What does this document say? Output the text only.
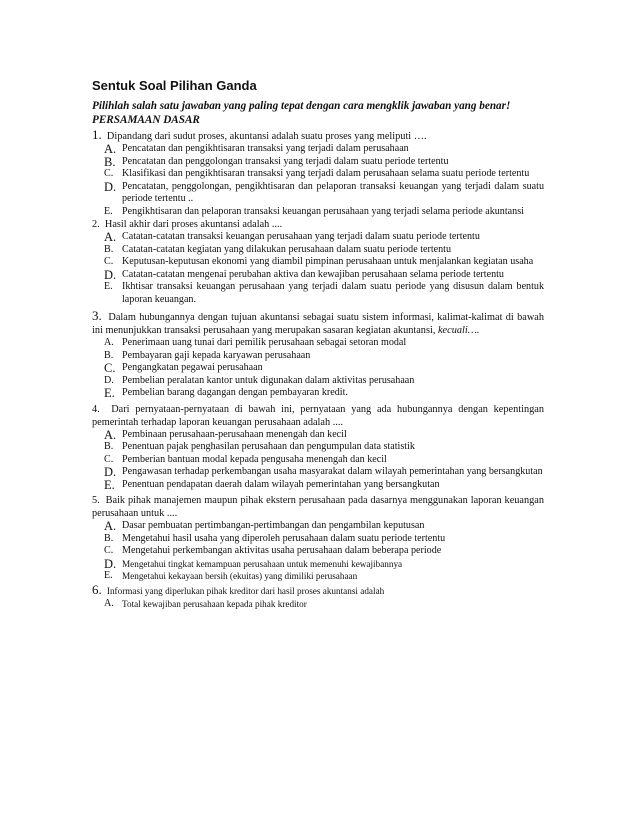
Sentuk Soal Pilihan Ganda

Pilihlah salah satu jawaban yang paling tepat dengan cara mengklik jawaban yang benar!

PERSAMAAN DASAR

1. Dipandang dari sudut proses, akuntansi adalah suatu proses yang meliputi ….

A. Pencatatan dan pengikhtisaran transaksi yang terjadi dalam perusahaan
B. Pencatatan dan penggolongan transaksi yang terjadi dalam suatu periode tertentu
C. Klasifikasi dan pengikhtisaran transaksi yang terjadi dalam perusahaan selama suatu periode tertentu
D. Pencatatan, penggolongan, pengikhtisaran dan pelaporan transaksi keuangan yang terjadi dalam suatu periode tertentu ..
E. Pengikhtisaran dan pelaporan transaksi keuangan perusahaan yang terjadi selama periode akuntansi

2. Hasil akhir dari proses akuntansi adalah ....

A. Catatan-catatan transaksi keuangan perusahaan yang terjadi dalam suatu periode tertentu
B. Catatan-catatan kegiatan yang dilakukan perusahaan dalam suatu periode tertentu
C. Keputusan-keputusan ekonomi yang diambil pimpinan perusahaan untuk menjalankan kegiatan usaha
D. Catatan-catatan mengenai perubahan aktiva dan kewajiban perusahaan selama periode tertentu
E. Ikhtisar transaksi keuangan perusahaan yang terjadi dalam suatu periode yang disusun dalam bentuk laporan keuangan.

3. Dalam hubungannya dengan tujuan akuntansi sebagai suatu sistem informasi, kalimat-kalimat di bawah ini menunjukkan transaksi perusahaan yang merupakan sasaran kegiatan akuntansi, kecuali….

A. Penerimaan uang tunai dari pemilik perusahaan sebagai setoran modal
B. Pembayaran gaji kepada karyawan perusahaan
C. Pengangkatan pegawai perusahaan
D. Pembelian peralatan kantor untuk digunakan dalam aktivitas perusahaan
E. Pembelian barang dagangan dengan pembayaran kredit.

4. Dari pernyataan-pernyataan di bawah ini, pernyataan yang ada hubungannya dengan kepentingan pemerintah terhadap laporan keuangan perusahaan adalah ....

A. Pembinaan perusahaan-perusahaan menengah dan kecil
B. Penentuan pajak penghasilan perusahaan dan pengumpulan data statistik
C. Pemberian bantuan modal kepada pengusaha menengah dan kecil
D. Pengawasan terhadap perkembangan usaha masyarakat dalam wilayah pemerintahan yang bersangkutan
E. Penentuan pendapatan daerah dalam wilayah pemerintahan yang bersangkutan

5. Baik pihak manajemen maupun pihak ekstern perusahaan pada dasarnya menggunakan laporan keuangan perusahaan untuk ....

A. Dasar pembuatan pertimbangan-pertimbangan dan pengambilan keputusan
B. Mengetahui hasil usaha yang diperoleh perusahaan dalam suatu periode tertentu
C. Mengetahui perkembangan aktivitas usaha perusahaan dalam beberapa periode
D. Mengetahui tingkat kemampuan perusahaan untuk memenuhi kewajibannya
E.	Mengetahui kekayaan bersih (ekuitas) yang dimiliki perusahaan

6. Informasi yang diperlukan pihak kreditor dari hasil proses akuntansi adalah

A. Total kewajiban perusahaan kepada pihak kreditor
